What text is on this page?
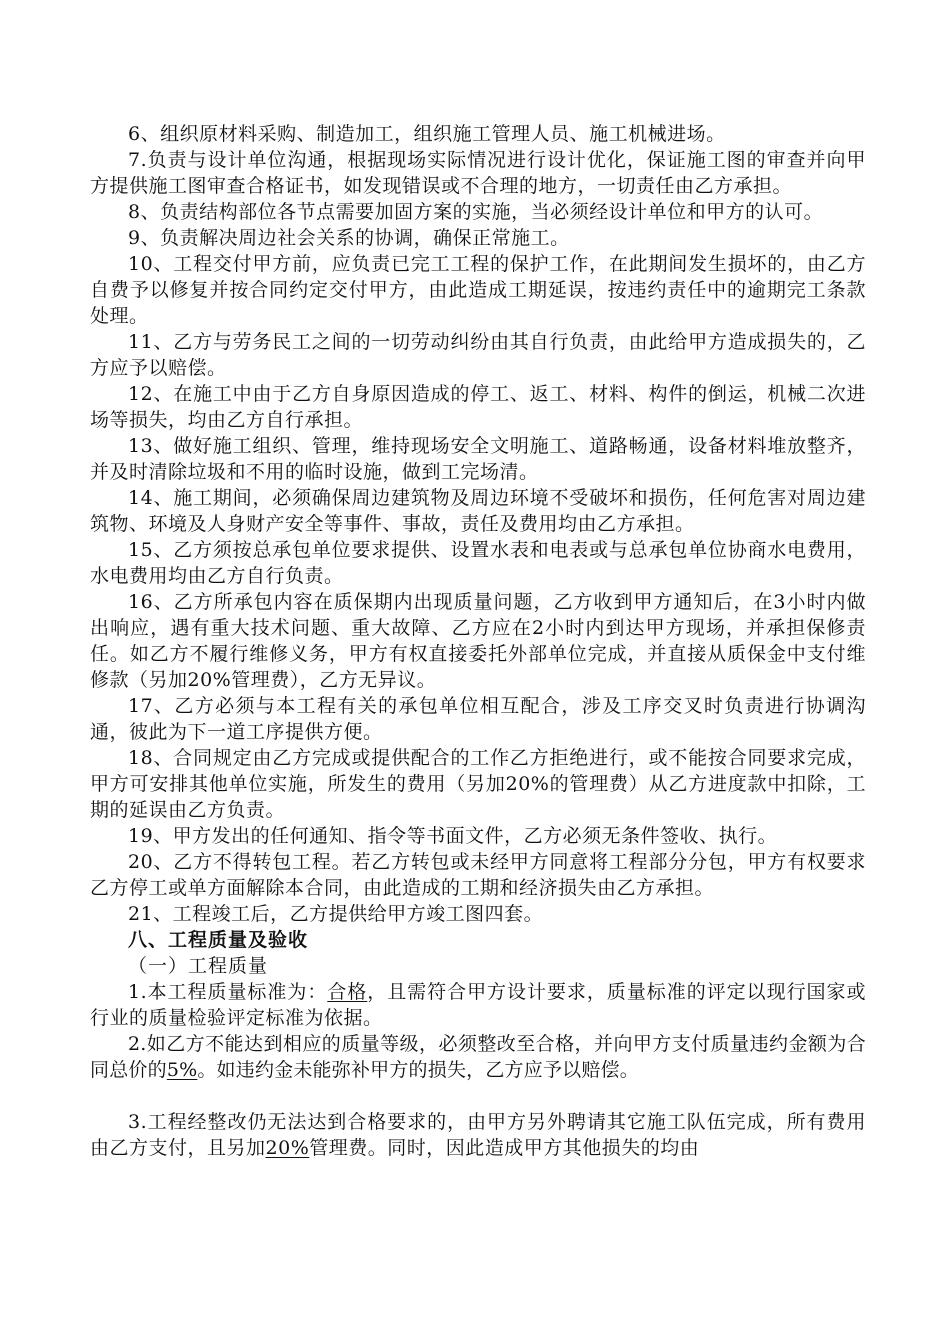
6、组织原材料采购、制造加工，组织施工管理人员、施工机械进场。

7.负责与设计单位沟通，根据现场实际情况进行设计优化，保证施工图的审查并向甲方提供施工图审查合格证书，如发现错误或不合理的地方，一切责任由乙方承担。

8、负责结构部位各节点需要加固方案的实施，当必须经设计单位和甲方的认可。

9、负责解决周边社会关系的协调，确保正常施工。

10、工程交付甲方前，应负责已完工工程的保护工作，在此期间发生损坏的，由乙方自费予以修复并按合同约定交付甲方，由此造成工期延误，按违约责任中的逾期完工条款处理。

11、乙方与劳务民工之间的一切劳动纠纷由其自行负责，由此给甲方造成损失的，乙方应予以赔偿。

12、在施工中由于乙方自身原因造成的停工、返工、材料、构件的倒运，机械二次进场等损失，均由乙方自行承担。

13、做好施工组织、管理，维持现场安全文明施工、道路畅通，设备材料堆放整齐，并及时清除垃圾和不用的临时设施，做到工完场清。

14、施工期间，必须确保周边建筑物及周边环境不受破坏和损伤，任何危害对周边建筑物、环境及人身财产安全等事件、事故，责任及费用均由乙方承担。

15、乙方须按总承包单位要求提供、设置水表和电表或与总承包单位协商水电费用，水电费用均由乙方自行负责。

16、乙方所承包内容在质保期内出现质量问题，乙方收到甲方通知后，在3小时内做出响应，遇有重大技术问题、重大故障、乙方应在2小时内到达甲方现场，并承担保修责任。如乙方不履行维修义务，甲方有权直接委托外部单位完成，并直接从质保金中支付维修款（另加20%管理费），乙方无异议。

17、乙方必须与本工程有关的承包单位相互配合，涉及工序交叉时负责进行协调沟通，彼此为下一道工序提供方便。

18、合同规定由乙方完成或提供配合的工作乙方拒绝进行，或不能按合同要求完成，甲方可安排其他单位实施，所发生的费用（另加20%的管理费）从乙方进度款中扣除，工期的延误由乙方负责。

19、甲方发出的任何通知、指令等书面文件，乙方必须无条件签收、执行。

20、乙方不得转包工程。若乙方转包或未经甲方同意将工程部分分包，甲方有权要求乙方停工或单方面解除本合同，由此造成的工期和经济损失由乙方承担。

21、工程竣工后，乙方提供给甲方竣工图四套。

八、工程质量及验收

（一）工程质量

1.本工程质量标准为：合格，且需符合甲方设计要求，质量标准的评定以现行国家或行业的质量检验评定标准为依据。

2.如乙方不能达到相应的质量等级，必须整改至合格，并向甲方支付质量违约金额为合同总价的5%。如违约金未能弥补甲方的损失，乙方应予以赔偿。

3.工程经整改仍无法达到合格要求的，由甲方另外聘请其它施工队伍完成，所有费用由乙方支付，且另加20%管理费。同时，因此造成甲方其他损失的均由
